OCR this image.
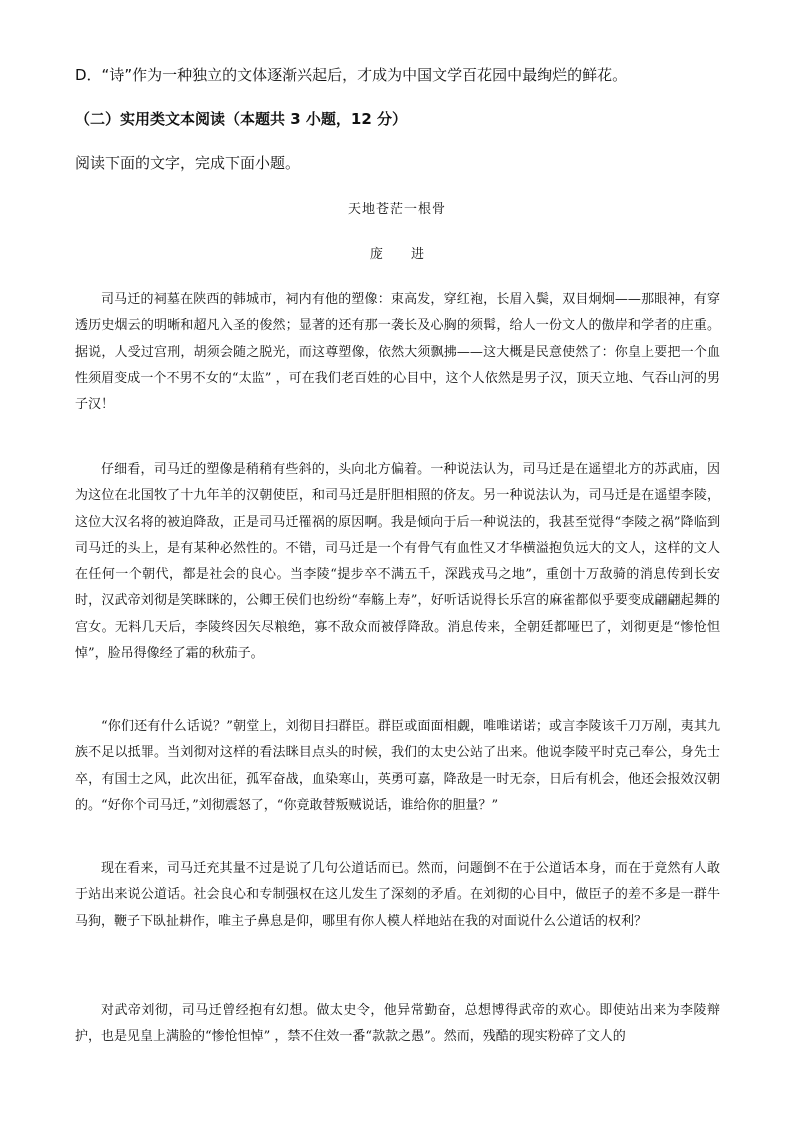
D．“诗”作为一种独立的文体逐渐兴起后，才成为中国文学百花园中最绚烂的鲜花。
（二）实用类文本阅读（本题共 3 小题，12 分）
阅读下面的文字，完成下面小题。
天地苍茫一根骨
庞 进

司马迁的祠墓在陕西的韩城市，祠内有他的塑像：束高发，穿红袍，长眉入鬓，双目炯炯——那眼神，有穿透历史烟云的明晰和超凡入圣的俊然；显著的还有那一袭长及心胸的须髯，给人一份文人的傲岸和学者的庄重。据说，人受过宫刑，胡须会随之脱光，而这尊塑像，依然大须飘拂——这大概是民意使然了：你皇上要把一个血性须眉变成一个不男不女的“太监” ，可在我们老百姓的心目中，这个人依然是男子汉，顶天立地、气吞山河的男子汉！

仔细看，司马迁的塑像是稍稍有些斜的，头向北方偏着。一种说法认为，司马迁是在遥望北方的苏武庙，因为这位在北国牧了十九年羊的汉朝使臣，和司马迁是肝胆相照的侪友。另一种说法认为，司马迁是在遥望李陵，这位大汉名将的被迫降敌，正是司马迁罹祸的原因啊。我是倾向于后一种说法的，我甚至觉得“李陵之祸”降临到司马迁的头上，是有某种必然性的。不错，司马迁是一个有骨气有血性又才华横溢抱负远大的文人，这样的文人在任何一个朝代，都是社会的良心。当李陵“提步卒不满五千，深践戎马之地”，重创十万敌骑的消息传到长安时，汉武帝刘彻是笑眯眯的，公卿王侯们也纷纷“奉觞上寿”，好听话说得长乐宫的麻雀都似乎要变成翩翩起舞的宫女。无料几天后，李陵终因矢尽粮绝，寡不敌众而被俘降敌。消息传来，全朝廷都哑巴了，刘彻更是“惨怆怛悼”，脸吊得像经了霜的秋茄子。

“你们还有什么话说？”朝堂上，刘彻目扫群臣。群臣或面面相觑，唯唯诺诺；或言李陵该千刀万剐，夷其九族不足以抵罪。当刘彻对这样的看法眯目点头的时候，我们的太史公站了出来。他说李陵平时克己奉公，身先士卒，有国士之风，此次出征，孤军奋战，血染寒山，英勇可嘉，降敌是一时无奈，日后有机会，他还会报效汉朝的。“好你个司马迁，”刘彻震怒了，“你竟敢替叛贼说话，谁给你的胆量？”

现在看来，司马迁充其量不过是说了几句公道话而已。然而，问题倒不在于公道话本身，而在于竟然有人敢于站出来说公道话。社会良心和专制强权在这儿发生了深刻的矛盾。在刘彻的心目中，做臣子的差不多是一群牛马狗，鞭子下臥扯耕作，唯主子鼻息是仰，哪里有你人模人样地站在我的对面说什么公道话的权利？

对武帝刘彻，司马迁曾经抱有幻想。做太史令，他异常勤奋，总想博得武帝的欢心。即使站出来为李陵辩护，也是见皇上满脸的“惨怆怛悼” ，禁不住效一番“款款之愚”。然而，残酷的现实粉碎了文人的
